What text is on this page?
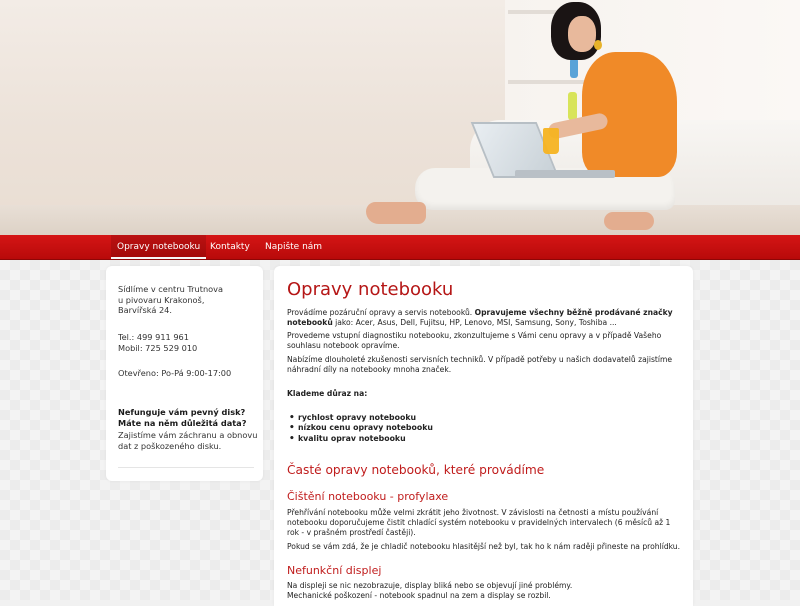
Opravy notebooku	Kontakty	Napište nám

Sídlíme v centru Trutnova
u pivovaru Krakonoš,
Barvířská 24.

Tel.: 499 911 961
Mobil: 725 529 010

Otevřeno: Po-Pá 9:00-17:00

Nefunguje vám pevný disk?
Máte na něm důležitá data?

Zajistíme vám záchranu a obnovu dat z poškozeného disku.

Opravy notebooku

Provádíme pozáruční opravy a servis notebooků. Opravujeme všechny běžně prodávané značky notebooků jako: Acer, Asus, Dell, Fujitsu, HP, Lenovo, MSI, Samsung, Sony, Toshiba ...

Provedeme vstupní diagnostiku notebooku, zkonzultujeme s Vámi cenu opravy a v případě Vašeho souhlasu notebook opravíme.

Nabízíme dlouholeté zkušenosti servisních techniků. V případě potřeby u našich dodavatelů zajistíme náhradní díly na notebooky mnoha značek.

Klademe důraz na:

• rychlost opravy notebooku
• nízkou cenu opravy notebooku
• kvalitu oprav notebooku
Časté opravy notebooků, které provádíme
Čištění notebooku - profylaxe

Přehřívání notebooku může velmi zkrátit jeho životnost. V závislosti na četnosti a místu používání notebooku doporučujeme čistit chladící systém notebooku v pravidelných intervalech (6 měsíců až 1 rok - v prašném prostředí častěji).

Pokud se vám zdá, že je chladič notebooku hlasitější než byl, tak ho k nám raději přineste na prohlídku.

Nefunkční displej

Na displeji se nic nezobrazuje, display bliká nebo se objevují jiné problémy.
Mechanické poškození - notebook spadnul na zem a display se rozbil.
